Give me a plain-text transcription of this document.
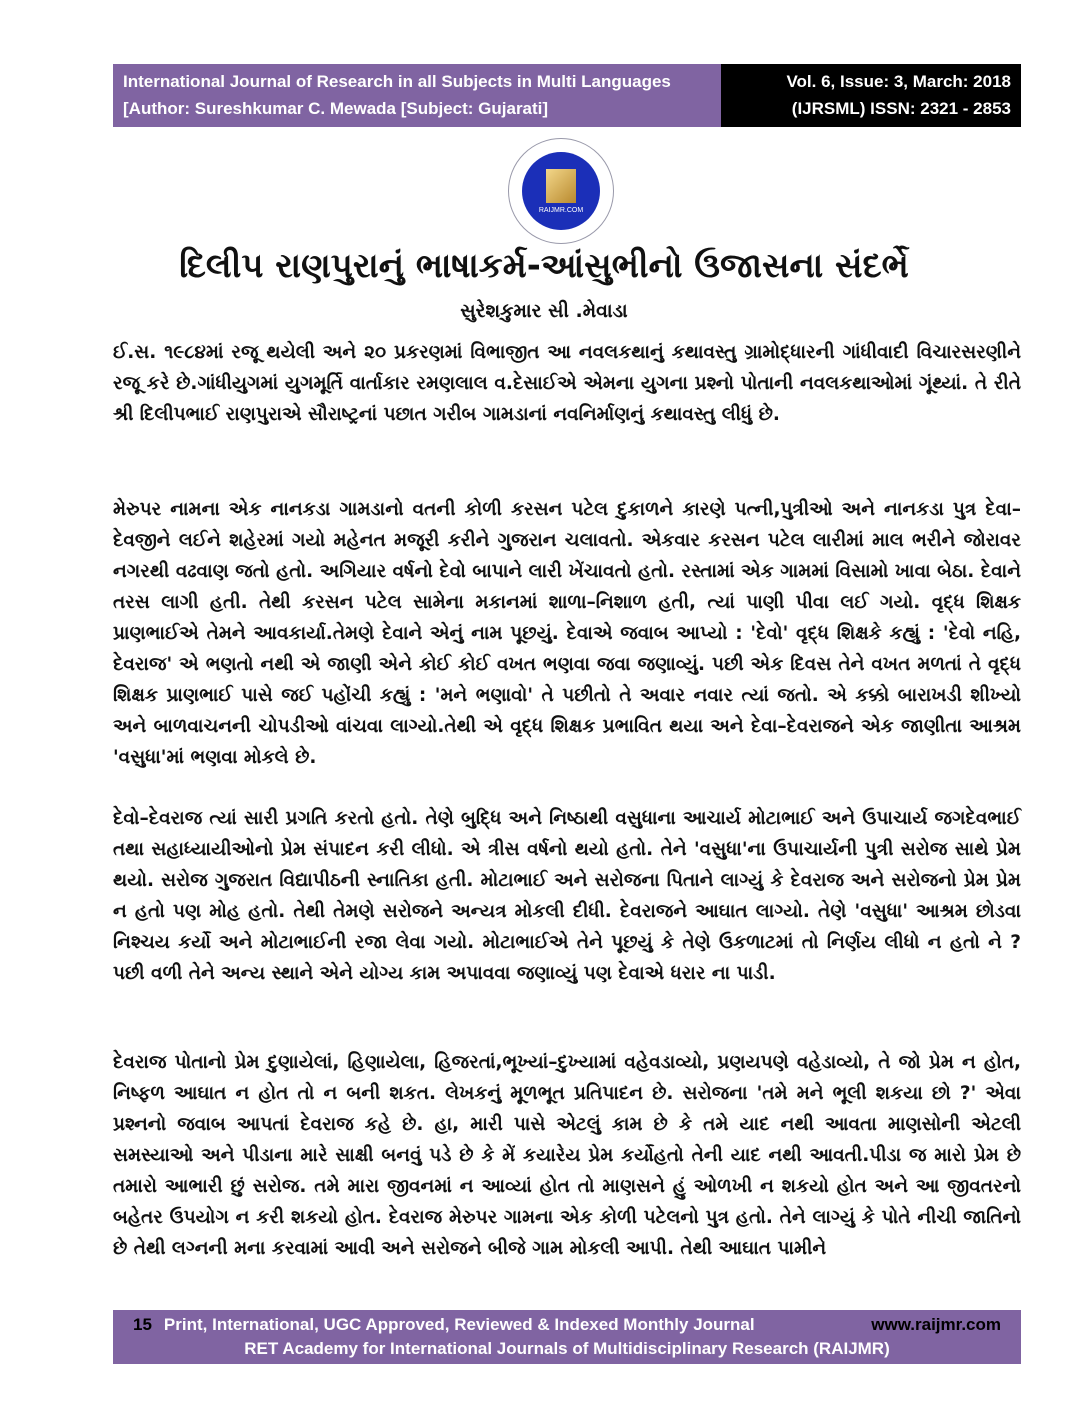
International Journal of Research in all Subjects in Multi Languages
[Author: Sureshkumar C. Mewada [Subject: Gujarati]
Vol. 6, Issue: 3, March: 2018
(IJRSML) ISSN: 2321 - 2853
RAIJMR.COM
દિલીપ રાણપુરાનું ભાષાકર્મ-આંસુભીનો ઉજાસના સંદર્ભે
સુરેશકુમાર સી .મેવાડા
ઈ.સ. ૧૯૮૪માં રજૂ થયેલી અને ૨૦ પ્રકરણમાં વિભાજીત આ નવલકથાનું કથાવસ્તુ ગ્રામોદ્ધારની ગાંધીવાદી વિચારસરણીને રજૂ કરે છે.ગાંધીયુગમાં યુગમૂર્તિ વાર્તાકાર રમણલાલ વ.દેસાઈએ એમના યુગના પ્રશ્નો પોતાની નવલકથાઓમાં ગૂંથ્યાં. તે રીતે શ્રી દિલીપભાઈ રાણપુરાએ સૌરાષ્ટ્રનાં પછાત ગરીબ ગામડાનાં નવનિર્માણનું કથાવસ્તુ લીધું છે.
મેરુપર નામના એક નાનકડા ગામડાનો વતની કોળી કરસન પટેલ દુકાળને કારણે પત્ની,પુત્રીઓ અને નાનકડા પુત્ર દેવા–દેવજીને લઈને શહેરમાં ગયો મહેનત મજૂરી કરીને ગુજરાન ચલાવતો. એકવાર કરસન પટેલ લારીમાં માલ ભરીને જોરાવર નગરથી વઢવાણ જતો હતો. અગિયાર વર્ષનો દેવો બાપાને લારી ખેંચાવતો હતો. રસ્તામાં એક ગામમાં વિસામો ખાવા બેઠા. દેવાને તરસ લાગી હતી. તેથી કરસન પટેલ સામેના મકાનમાં શાળા–નિશાળ હતી, ત્યાં પાણી પીવા લઈ ગયો. વૃદ્ધ શિક્ષક પ્રાણભાઈએ તેમને આવકાર્યા.તેમણે દેવાને એનું નામ પૂછયું. દેવાએ જવાબ આપ્યો : 'દેવો' વૃદ્ધ શિક્ષકે કહ્યું : 'દેવો નહિ, દેવરાજ' એ ભણતો નથી એ જાણી એને કોઈ કોઈ વખત ભણવા જવા જણાવ્યું. પછી એક દિવસ તેને વખત મળતાં તે વૃદ્ધ શિક્ષક પ્રાણભાઈ પાસે જઈ પહોંચી કહ્યું : 'મને ભણાવો' તે પછીતો તે અવાર નવાર ત્યાં જતો. એ કક્કો બારાખડી શીખ્યો અને બાળવાચનની ચોપડીઓ વાંચવા લાગ્યો.તેથી એ વૃદ્ધ શિક્ષક પ્રભાવિત થયા અને દેવા–દેવરાજને એક જાણીતા આશ્રમ 'વસુધા'માં ભણવા મોકલે છે.
દેવો–દેવરાજ ત્યાં સારી પ્રગતિ કરતો હતો. તેણે બુદ્ધિ અને નિષ્ઠાથી વસુધાના આચાર્ય મોટાભાઈ અને ઉપાચાર્ય જગદેવભાઈ તથા સહાધ્યાયીઓનો પ્રેમ સંપાદન કરી લીધો. એ ત્રીસ વર્ષનો થયો હતો. તેને 'વસુધા'ના ઉપાચાર્યની પુત્રી સરોજ સાથે પ્રેમ થયો. સરોજ ગુજરાત વિદ્યાપીઠની સ્નાતિકા હતી. મોટાભાઈ અને સરોજના પિતાને લાગ્યું કે દેવરાજ અને સરોજનો પ્રેમ પ્રેમ ન હતો પણ મોહ હતો. તેથી તેમણે સરોજને અન્યત્ર મોકલી દીધી. દેવરાજને આઘાત લાગ્યો. તેણે 'વસુધા' આશ્રમ છોડવા નિશ્ચય કર્યો અને મોટાભાઈની રજા લેવા ગયો. મોટાભાઈએ તેને પૂછયું કે તેણે ઉકળાટમાં તો નિર્ણય લીધો ન હતો ને ? પછી વળી તેને અન્ય સ્થાને એને યોગ્ય કામ અપાવવા જણાવ્યું પણ દેવાએ ધરાર ના પાડી.
દેવરાજ પોતાનો પ્રેમ દુણાયેલાં, હિણાયેલા, હિજરતાં,ભૂખ્યાં–દુખ્યામાં વહેવડાવ્યો, પ્રણયપણે વહેડાવ્યો, તે જો પ્રેમ ન હોત, નિષ્ફળ આઘાત ન હોત તો ન બની શકત. લેખકનું મૂળભૂત પ્રતિપાદન છે. સરોજના 'તમે મને ભૂલી શકયા છો ?' એવા પ્રશ્નનો જવાબ આપતાં દેવરાજ કહે છે. હા, મારી પાસે એટલું કામ છે કે તમે યાદ નથી આવતા માણસોની એટલી સમસ્યાઓ અને પીડાના મારે સાક્ષી બનવું પડે છે કે મેં કયારેય પ્રેમ કર્યોહતો તેની યાદ નથી આવતી.પીડા જ મારો પ્રેમ છે તમારો આભારી છું સરોજ. તમે મારા જીવનમાં ન આવ્યાં હોત તો માણસને હું ઓળખી ન શકયો હોત અને આ જીવતરનો બહેતર ઉપયોગ ન કરી શકયો હોત. દેવરાજ મેરુપર ગામના એક કોળી પટેલનો પુત્ર હતો. તેને લાગ્યું કે પોતે નીચી જાતિનો છે તેથી લગ્નની મના કરવામાં આવી અને સરોજને બીજે ગામ મોકલી આપી. તેથી આઘાત પામીને
15 Print, International, UGC Approved, Reviewed & Indexed Monthly Journal	www.raijmr.com
RET Academy for International Journals of Multidisciplinary Research (RAIJMR)
